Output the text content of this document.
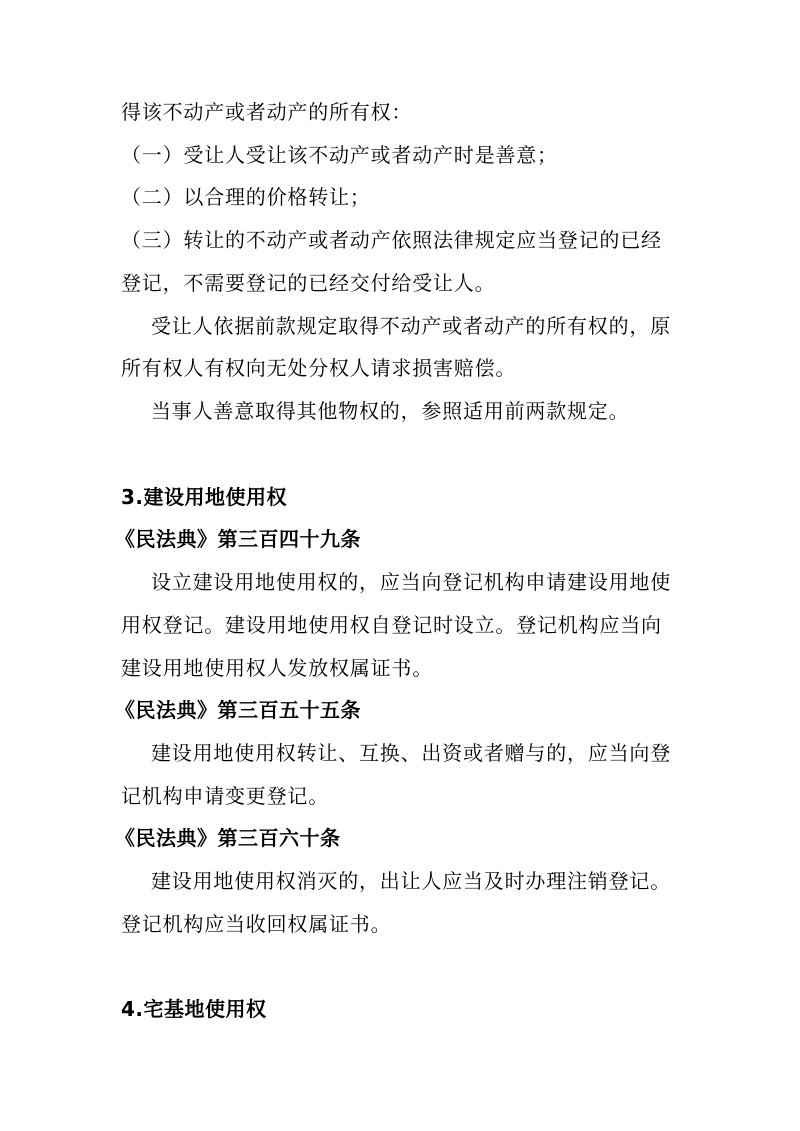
得该不动产或者动产的所有权：
（一）受让人受让该不动产或者动产时是善意；
（二）以合理的价格转让；
（三）转让的不动产或者动产依照法律规定应当登记的已经
登记，不需要登记的已经交付给受让人。
受让人依据前款规定取得不动产或者动产的所有权的，原
所有权人有权向无处分权人请求损害赔偿。
当事人善意取得其他物权的，参照适用前两款规定。
3.建设用地使用权
《民法典》第三百四十九条
设立建设用地使用权的，应当向登记机构申请建设用地使
用权登记。建设用地使用权自登记时设立。登记机构应当向
建设用地使用权人发放权属证书。
《民法典》第三百五十五条
建设用地使用权转让、互换、出资或者赠与的，应当向登
记机构申请变更登记。
《民法典》第三百六十条
建设用地使用权消灭的，出让人应当及时办理注销登记。
登记机构应当收回权属证书。
4.宅基地使用权
